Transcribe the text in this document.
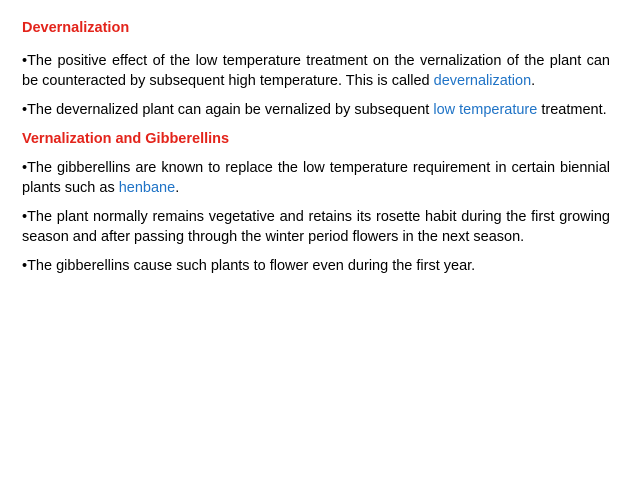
Devernalization

•The positive effect of the low temperature treatment on the vernalization of the plant can be counteracted by subsequent high temperature. This is called devernalization.

•The devernalized plant can again be vernalized by subsequent low temperature treatment.

Vernalization and Gibberellins

•The gibberellins are known to replace the low temperature requirement in certain biennial plants such as henbane.

•The plant normally remains vegetative and retains its rosette habit during the first growing season and after passing through the winter period flowers in the next season.

•The gibberellins cause such plants to flower even during the first year.
